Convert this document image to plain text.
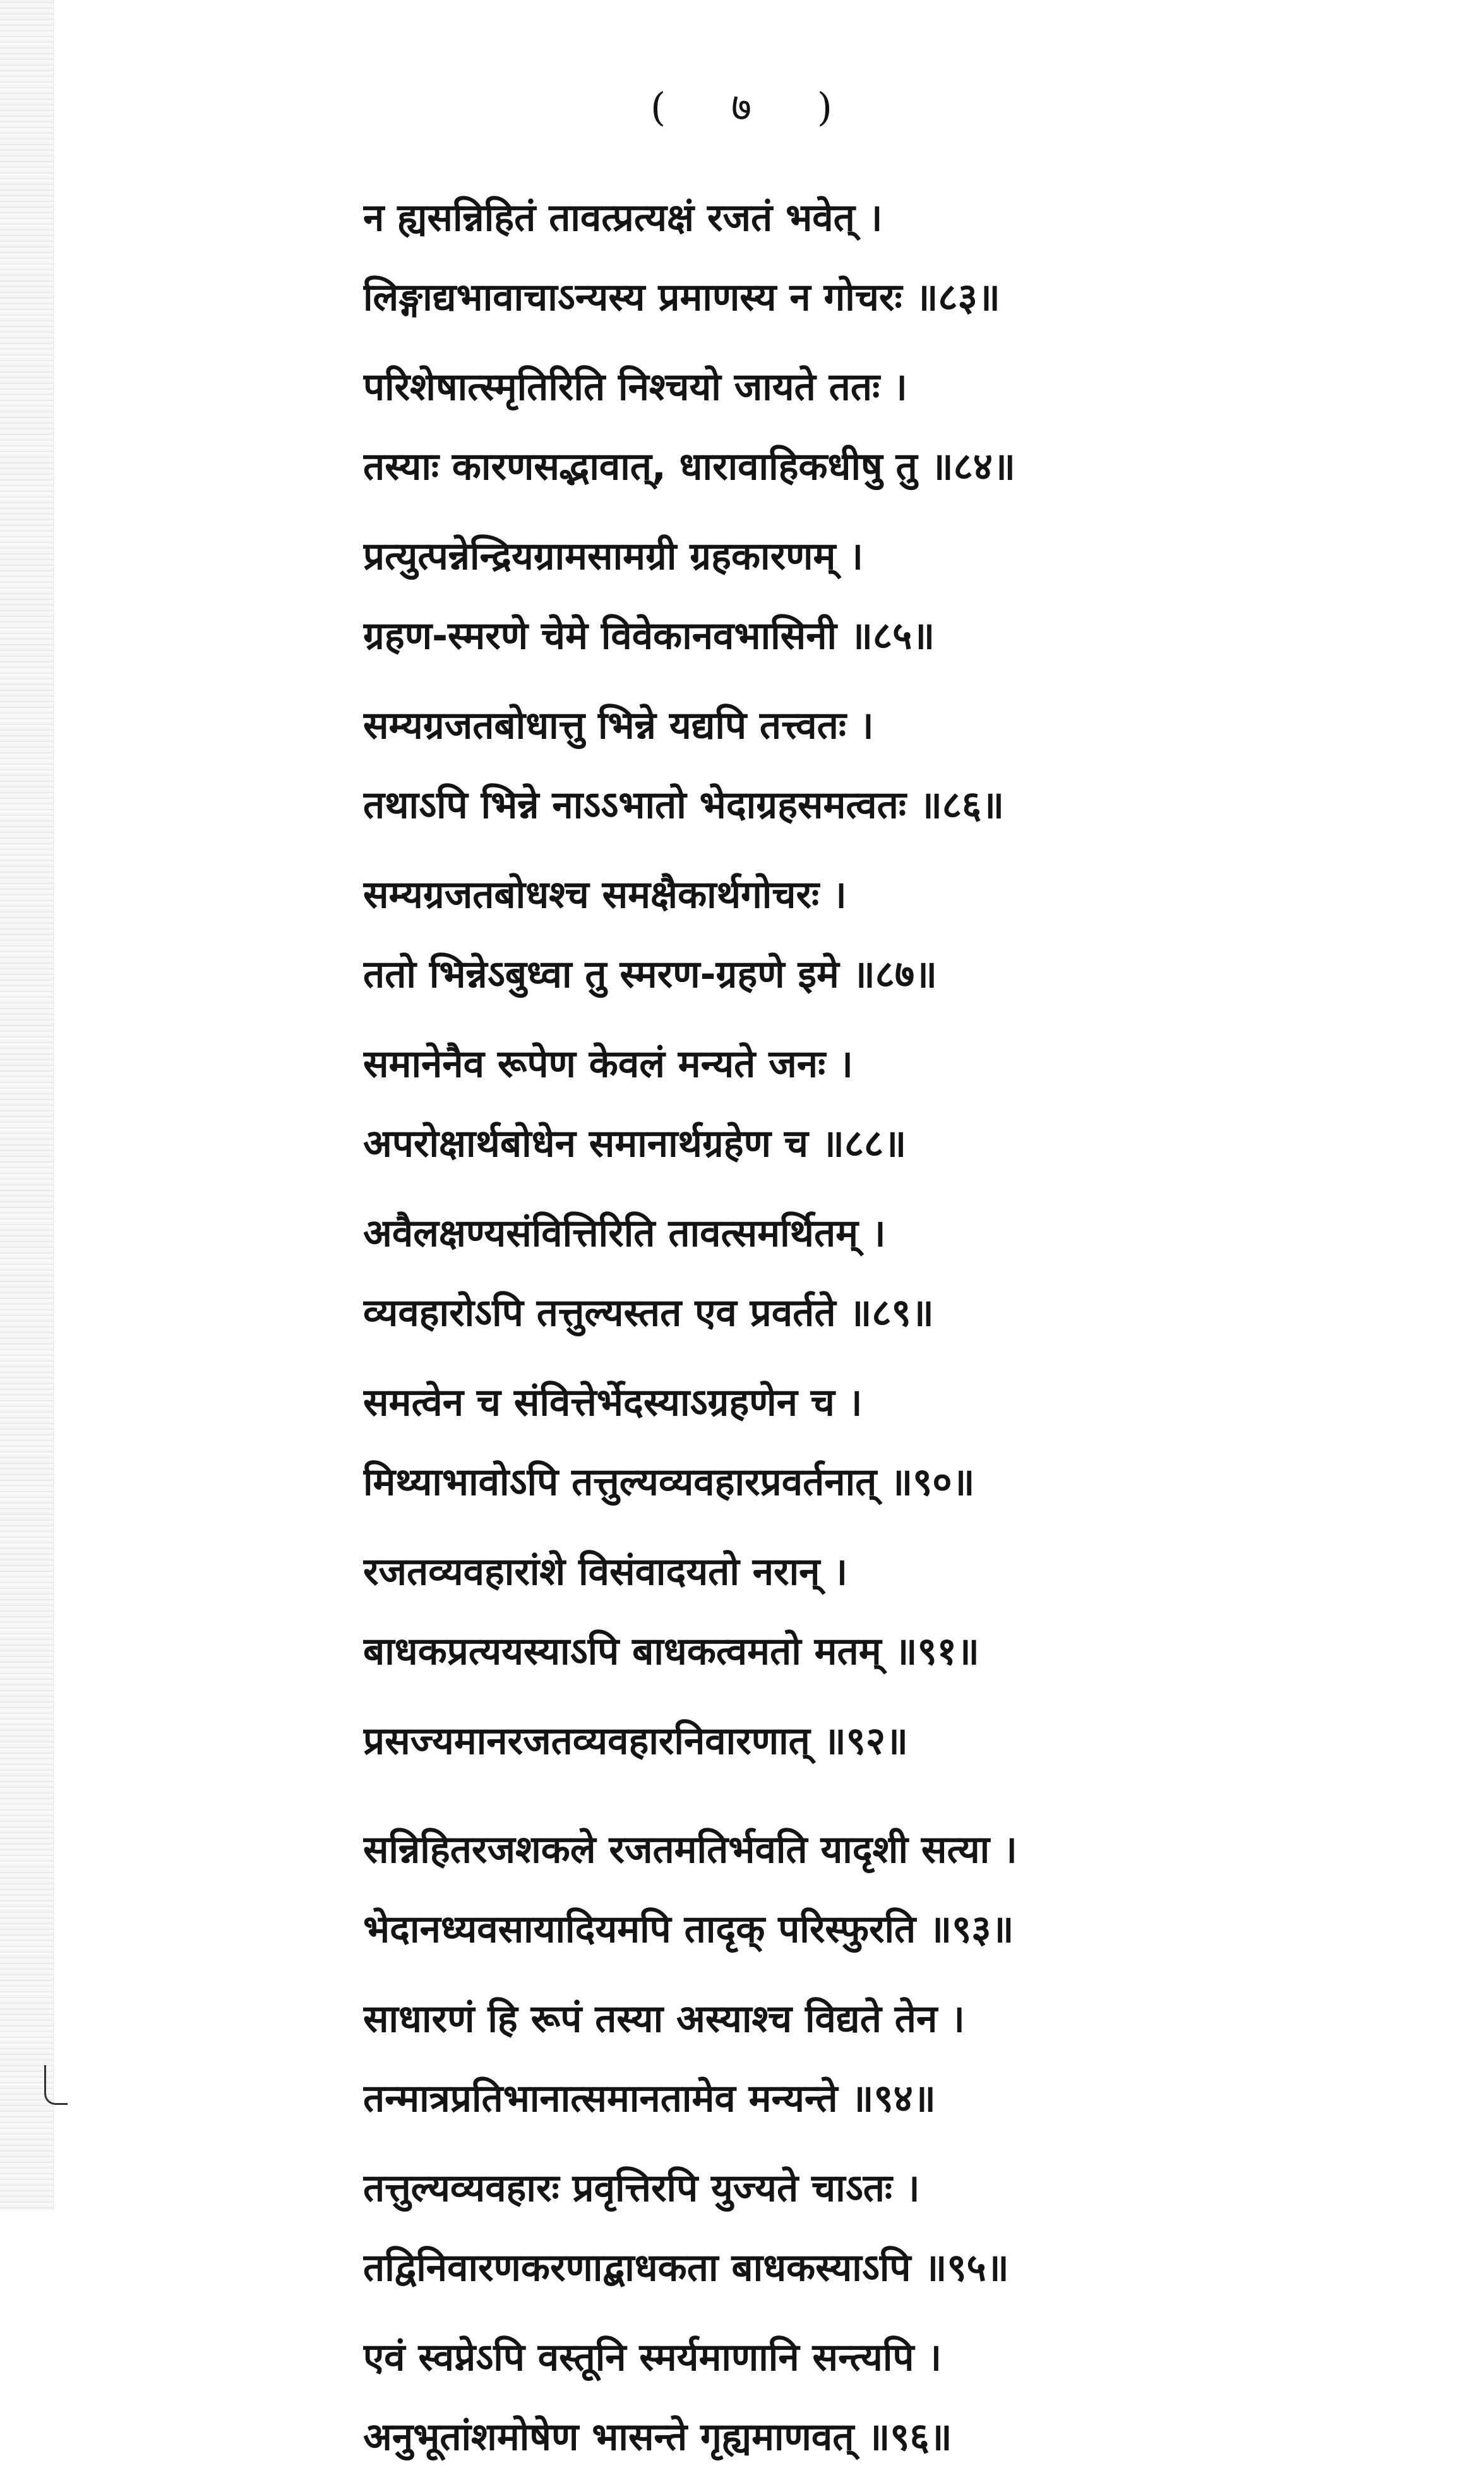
( ७ )
न ह्यसन्निहितं तावत्प्रत्यक्षं रजतं भवेत् ।
लिङ्गाद्यभावाचाऽन्यस्य प्रमाणस्य न गोचरः ॥८३॥
परिशेषात्स्मृतिरिति निश्चयो जायते ततः ।
तस्याः कारणसद्भावात्, धारावाहिकधीषु तु ॥८४॥
प्रत्युत्पन्नेन्द्रियग्रामसामग्री ग्रहकारणम् ।
ग्रहण-स्मरणे चेमे विवेकानवभासिनी ॥८५॥
सम्यग्रजतबोधात्तु भिन्ने यद्यपि तत्त्वतः ।
तथाऽपि भिन्ने नाऽऽभातो भेदाग्रहसमत्वतः ॥८६॥
सम्यग्रजतबोधश्च समक्षैकार्थगोचरः ।
ततो भिन्नेऽबुध्वा तु स्मरण-ग्रहणे इमे ॥८७॥
समानेनैव रूपेण केवलं मन्यते जनः ।
अपरोक्षार्थबोधेन समानार्थग्रहेण च ॥८८॥
अवैलक्षण्यसंवित्तिरिति तावत्समर्थितम् ।
व्यवहारोऽपि तत्तुल्यस्तत एव प्रवर्तते ॥८९॥
समत्वेन च संवित्तेर्भेदस्याऽग्रहणेन च ।
मिथ्याभावोऽपि तत्तुल्यव्यवहारप्रवर्तनात् ॥९०॥
रजतव्यवहारांशे विसंवादयतो नरान् ।
बाधकप्रत्ययस्याऽपि बाधकत्वमतो मतम् ॥९१॥
प्रसज्यमानरजतव्यवहारनिवारणात् ॥९२॥
सन्निहितरजशकले रजतमतिर्भवति यादृशी सत्या ।
भेदानध्यवसायादियमपि तादृक् परिस्फुरति ॥९३॥
साधारणं हि रूपं तस्या अस्याश्च विद्यते तेन ।
तन्मात्रप्रतिभानात्समानतामेव मन्यन्ते ॥९४॥
तत्तुल्यव्यवहारः प्रवृत्तिरपि युज्यते चाऽतः ।
तद्विनिवारणकरणाद्बाधकता बाधकस्याऽपि ॥९५॥
एवं स्वप्नेऽपि वस्तूनि स्मर्यमाणानि सन्त्यपि ।
अनुभूतांशमोषेण भासन्ते गृह्यमाणवत् ॥९६॥
